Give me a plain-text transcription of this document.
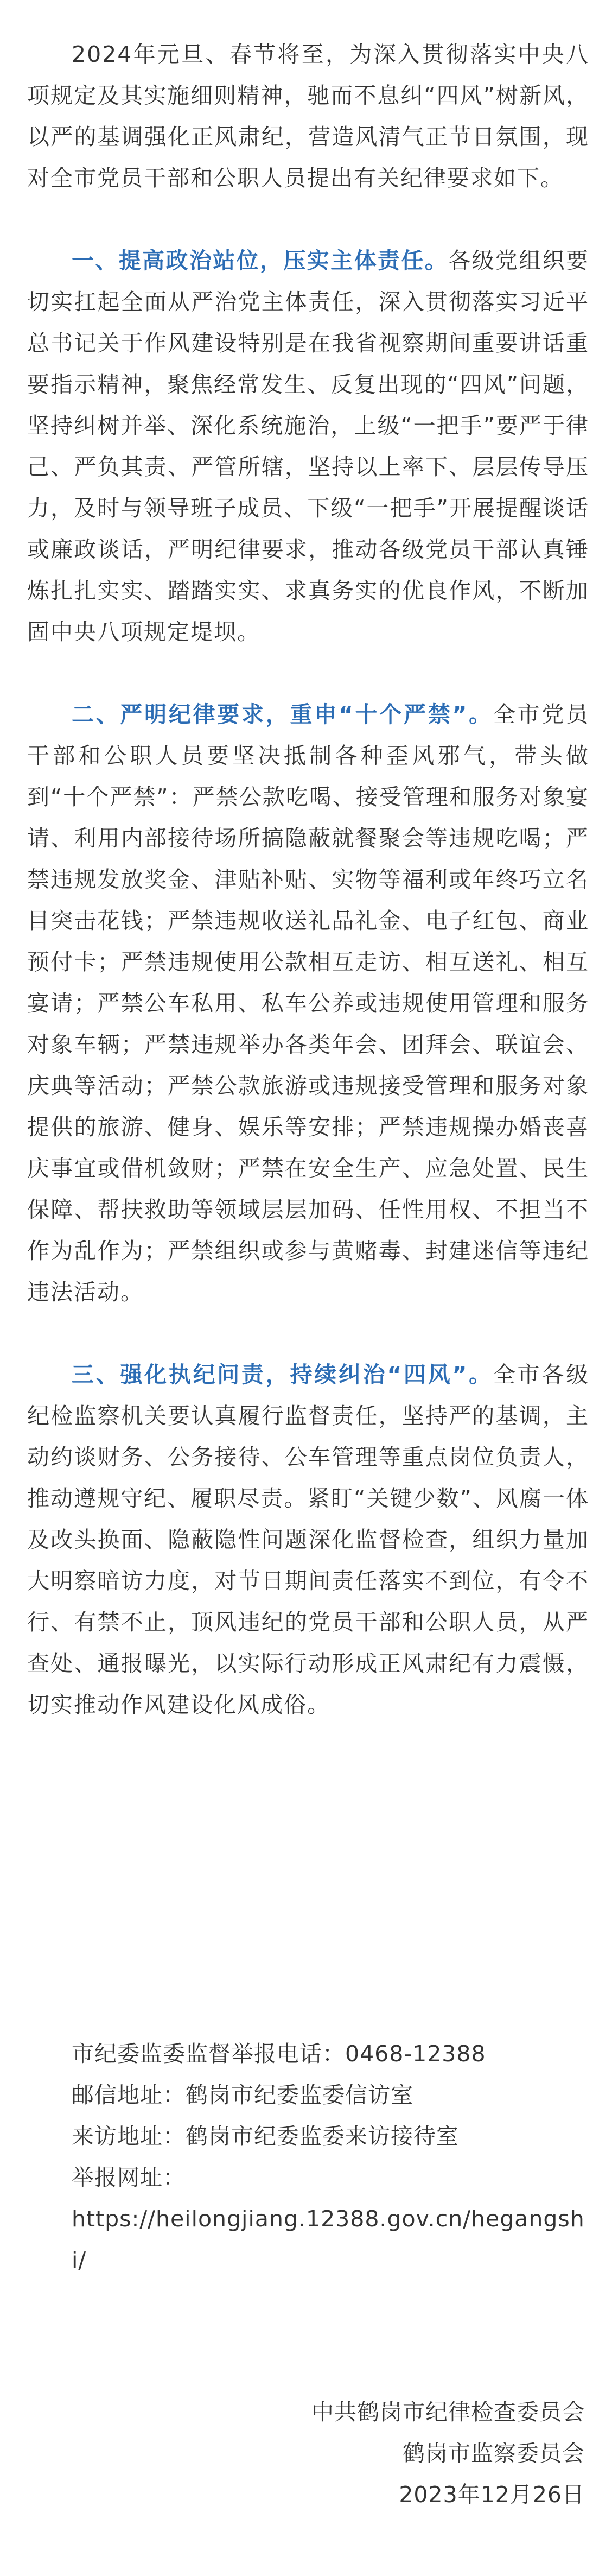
2024年元旦、春节将至，为深入贯彻落实中央八项规定及其实施细则精神，驰而不息纠“四风”树新风，以严的基调强化正风肃纪，营造风清气正节日氛围，现对全市党员干部和公职人员提出有关纪律要求如下。

一、提高政治站位，压实主体责任。各级党组织要切实扛起全面从严治党主体责任，深入贯彻落实习近平总书记关于作风建设特别是在我省视察期间重要讲话重要指示精神，聚焦经常发生、反复出现的“四风”问题，坚持纠树并举、深化系统施治，上级“一把手”要严于律己、严负其责、严管所辖，坚持以上率下、层层传导压力，及时与领导班子成员、下级“一把手”开展提醒谈话或廉政谈话，严明纪律要求，推动各级党员干部认真锤炼扎扎实实、踏踏实实、求真务实的优良作风，不断加固中央八项规定堤坝。

二、严明纪律要求，重申“十个严禁”。全市党员干部和公职人员要坚决抵制各种歪风邪气，带头做到“十个严禁”：严禁公款吃喝、接受管理和服务对象宴请、利用内部接待场所搞隐蔽就餐聚会等违规吃喝；严禁违规发放奖金、津贴补贴、实物等福利或年终巧立名目突击花钱；严禁违规收送礼品礼金、电子红包、商业预付卡；严禁违规使用公款相互走访、相互送礼、相互宴请；严禁公车私用、私车公养或违规使用管理和服务对象车辆；严禁违规举办各类年会、团拜会、联谊会、庆典等活动；严禁公款旅游或违规接受管理和服务对象提供的旅游、健身、娱乐等安排；严禁违规操办婚丧喜庆事宜或借机敛财；严禁在安全生产、应急处置、民生保障、帮扶救助等领域层层加码、任性用权、不担当不作为乱作为；严禁组织或参与黄赌毒、封建迷信等违纪违法活动。

三、强化执纪问责，持续纠治“四风”。全市各级纪检监察机关要认真履行监督责任，坚持严的基调，主动约谈财务、公务接待、公车管理等重点岗位负责人，推动遵规守纪、履职尽责。紧盯“关键少数”、风腐一体及改头换面、隐蔽隐性问题深化监督检查，组织力量加大明察暗访力度，对节日期间责任落实不到位，有令不行、有禁不止，顶风违纪的党员干部和公职人员，从严查处、通报曝光，以实际行动形成正风肃纪有力震慑，切实推动作风建设化风成俗。

市纪委监委监督举报电话：0468-12388

邮信地址：鹤岗市纪委监委信访室

来访地址：鹤岗市纪委监委来访接待室

举报网址：

https://heilongjiang.12388.gov.cn/hegangshi/

中共鹤岗市纪律检查委员会

鹤岗市监察委员会

2023年12月26日
